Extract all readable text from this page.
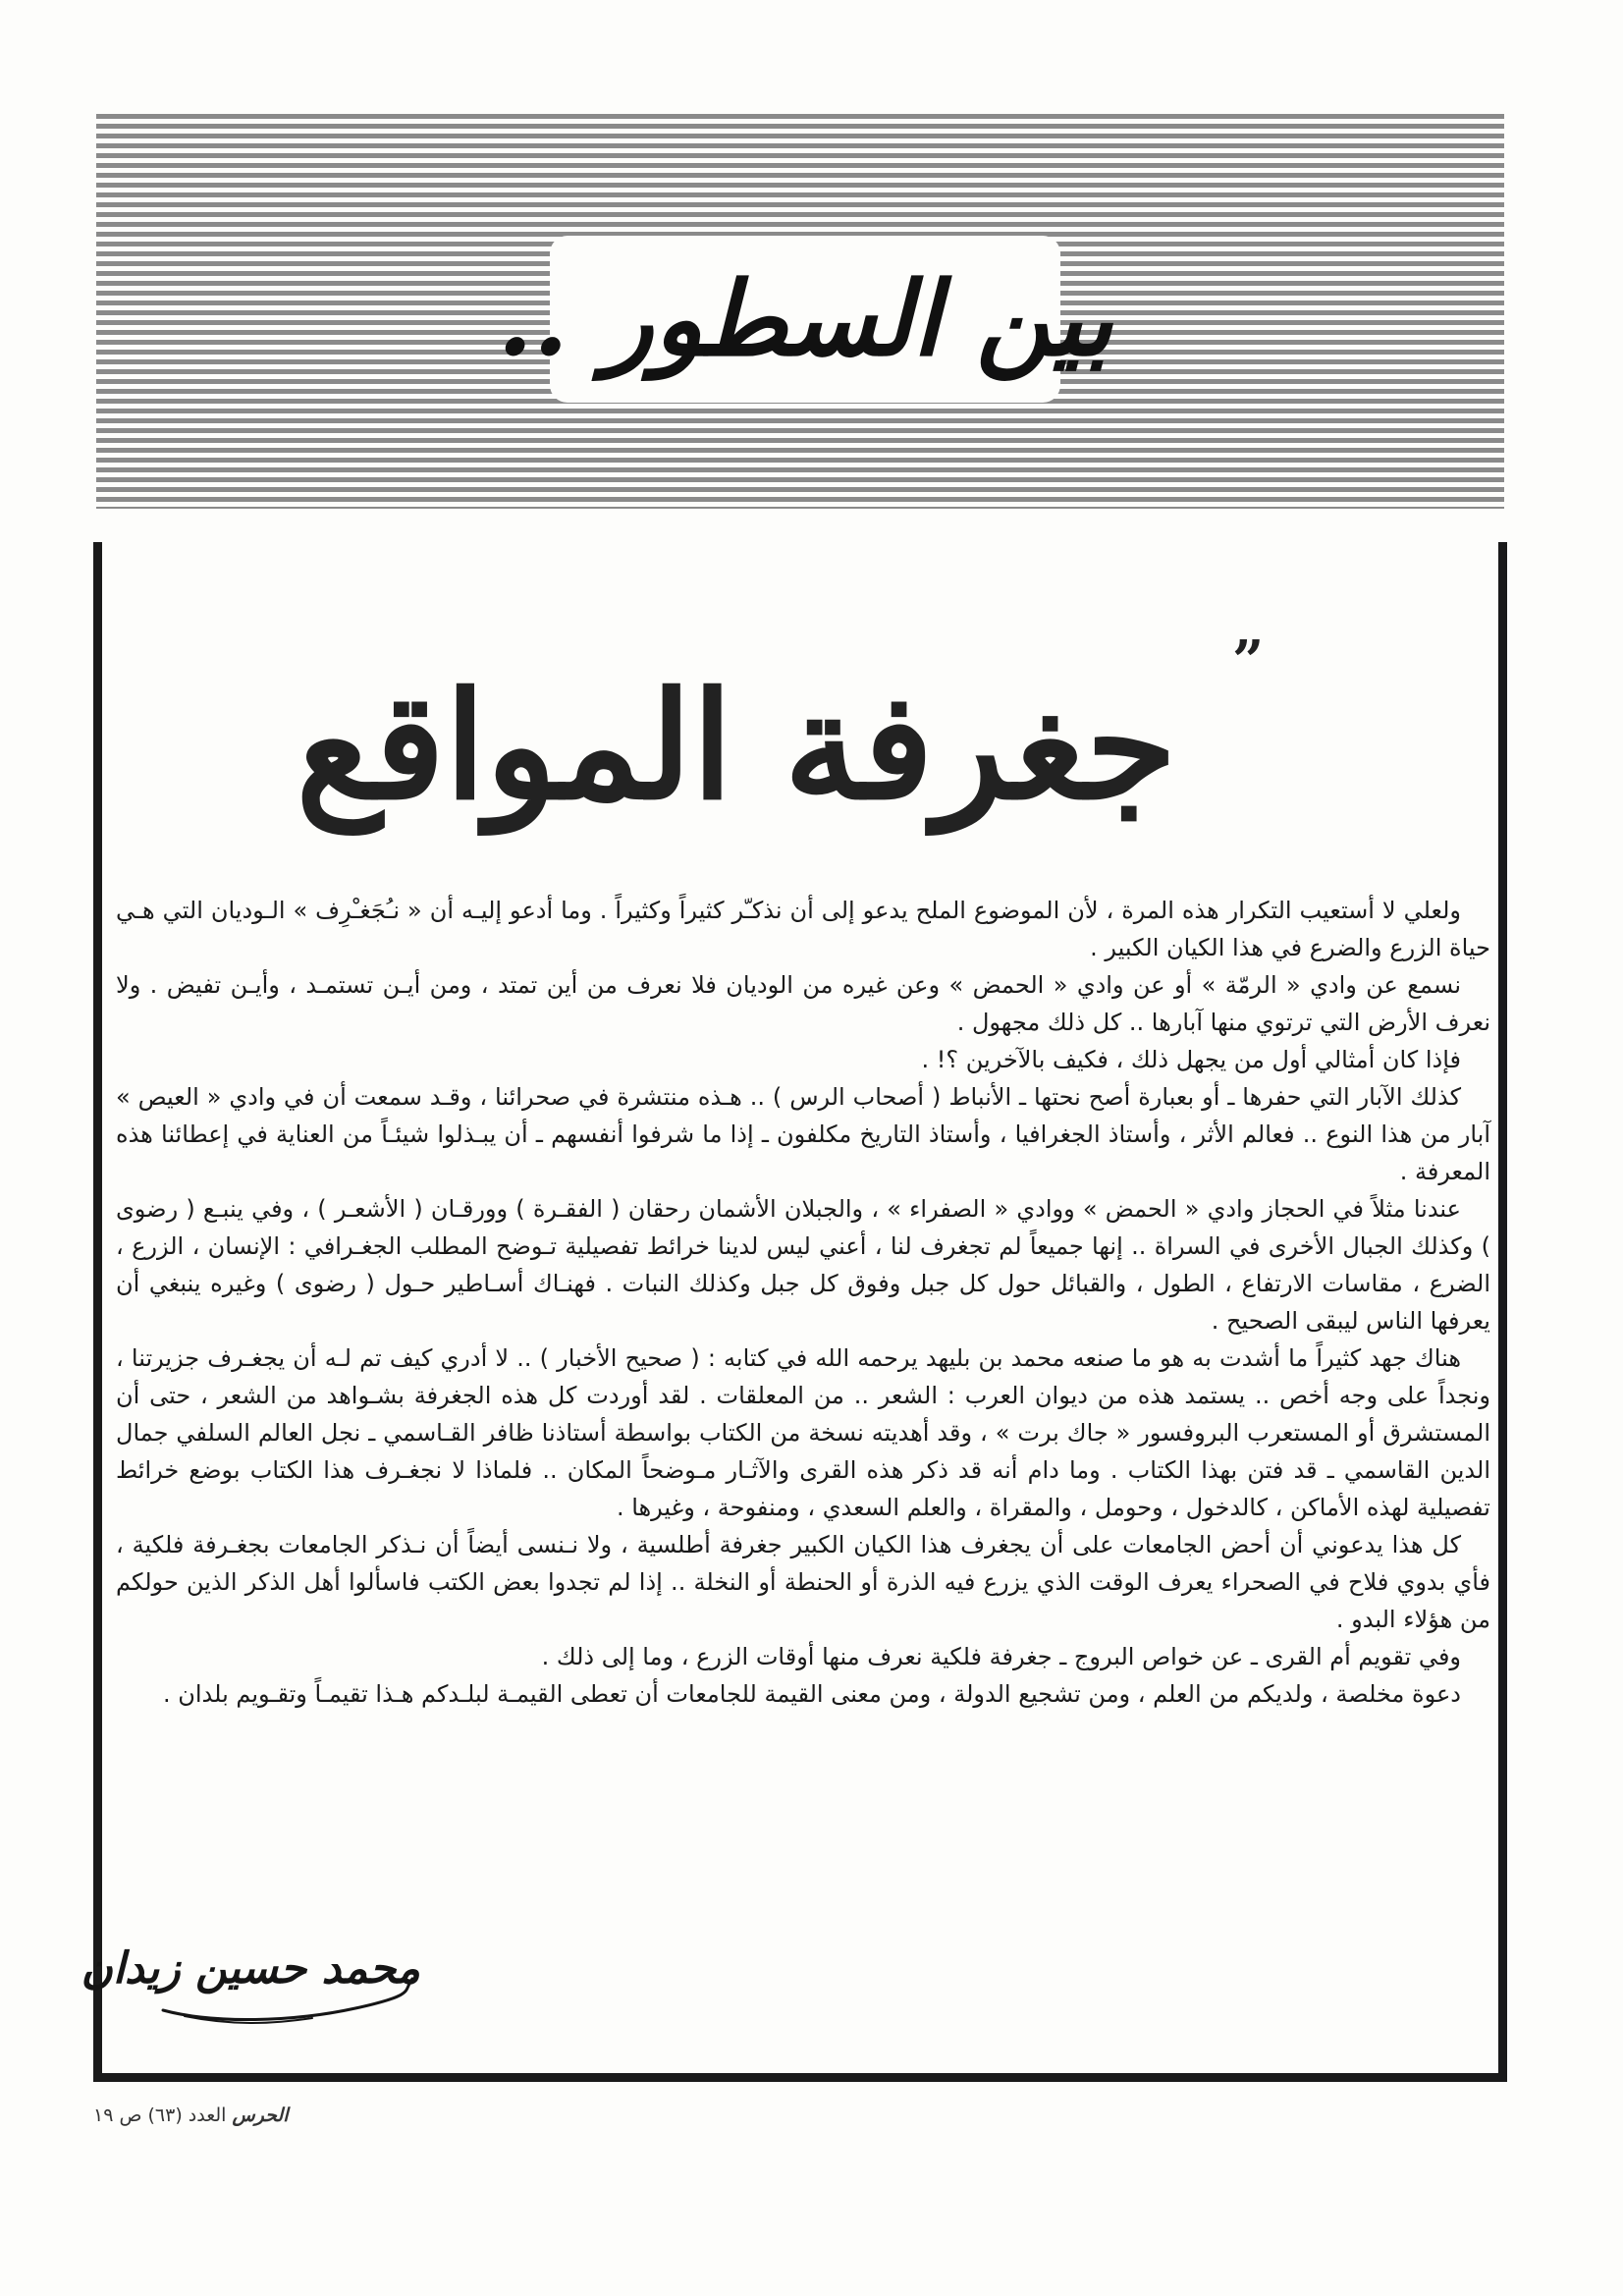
بين السطور ..
”
جغرفة المواقع

ولعلي لا أستعيب التكرار هذه المرة ، لأن الموضوع الملح يدعو إلى أن نذكـّر كثيراً وكثيراً . وما أدعو إليـه أن « نـُجَغـْرِف » الـوديان التي هـي حياة الزرع والضرع في هذا الكيان الكبير .

نسمع عن وادي « الرمّة » أو عن وادي « الحمض » وعن غيره من الوديان فلا نعرف من أين تمتد ، ومن أيـن تستمـد ، وأيـن تفيض . ولا نعرف الأرض التي ترتوي منها آبارها .. كل ذلك مجهول .

فإذا كان أمثالي أول من يجهل ذلك ، فكيف بالآخرين ؟! .

كذلك الآبار التي حفرها ـ أو بعبارة أصح نحتها ـ الأنباط ( أصحاب الرس ) .. هـذه منتشرة في صحرائنا ، وقـد سمعت أن في وادي « العيص » آبار من هذا النوع .. فعالم الأثر ، وأستاذ الجغرافيا ، وأستاذ التاريخ مكلفون ـ إذا ما شرفوا أنفسهم ـ أن يبـذلوا شيئـاً من العناية في إعطائنا هذه المعرفة .

عندنا مثلاً في الحجاز وادي « الحمض » ووادي « الصفراء » ، والجبلان الأشمان رحقان ( الفقـرة ) وورقـان ( الأشعـر ) ، وفي ينبـع ( رضوى ) وكذلك الجبال الأخرى في السراة .. إنها جميعاً لم تجغرف لنا ، أعني ليس لدينا خرائط تفصيلية تـوضح المطلب الجغـرافي : الإنسان ، الزرع ، الضرع ، مقاسات الارتفاع ، الطول ، والقبائل حول كل جبل وفوق كل جبل وكذلك النبات . فهنـاك أسـاطير حـول ( رضوى ) وغيره ينبغي أن يعرفها الناس ليبقى الصحيح .

هناك جهد كثيراً ما أشدت به هو ما صنعه محمد بن بليهد يرحمه الله في كتابه : ( صحيح الأخبار ) .. لا أدري كيف تم لـه أن يجغـرف جزيرتنا ، ونجداً على وجه أخص .. يستمد هذه من ديوان العرب : الشعر .. من المعلقات . لقد أوردت كل هذه الجغرفة بشـواهد من الشعر ، حتى أن المستشرق أو المستعرب البروفسور « جاك برت » ، وقد أهديته نسخة من الكتاب بواسطة أستاذنا ظافر القـاسمي ـ نجل العالم السلفي جمال الدين القاسمي ـ قد فتن بهذا الكتاب . وما دام أنه قد ذكر هذه القرى والآثـار مـوضحاً المكان .. فلماذا لا نجغـرف هذا الكتاب بوضع خرائط تفصيلية لهذه الأماكن ، كالدخول ، وحومل ، والمقراة ، والعلم السعدي ، ومنفوحة ، وغيرها .

كل هذا يدعوني أن أحض الجامعات على أن يجغرف هذا الكيان الكبير جغرفة أطلسية ، ولا نـنسى أيضاً أن نـذكر الجامعات بجغـرفة فلكية ، فأي بدوي فلاح في الصحراء يعرف الوقت الذي يزرع فيه الذرة أو الحنطة أو النخلة .. إذا لم تجدوا بعض الكتب فاسألوا أهل الذكر الذين حولكم من هؤلاء البدو .

وفي تقويم أم القرى ـ عن خواص البروج ـ جغرفة فلكية نعرف منها أوقات الزرع ، وما إلى ذلك .

دعوة مخلصة ، ولديكم من العلم ، ومن تشجيع الدولة ، ومن معنى القيمة للجامعات أن تعطى القيمـة لبلـدكم هـذا تقيمـاً وتقـويم بلدان .

محمد حسين زيدان
الحرس العدد (٦٣) ص ١٩
